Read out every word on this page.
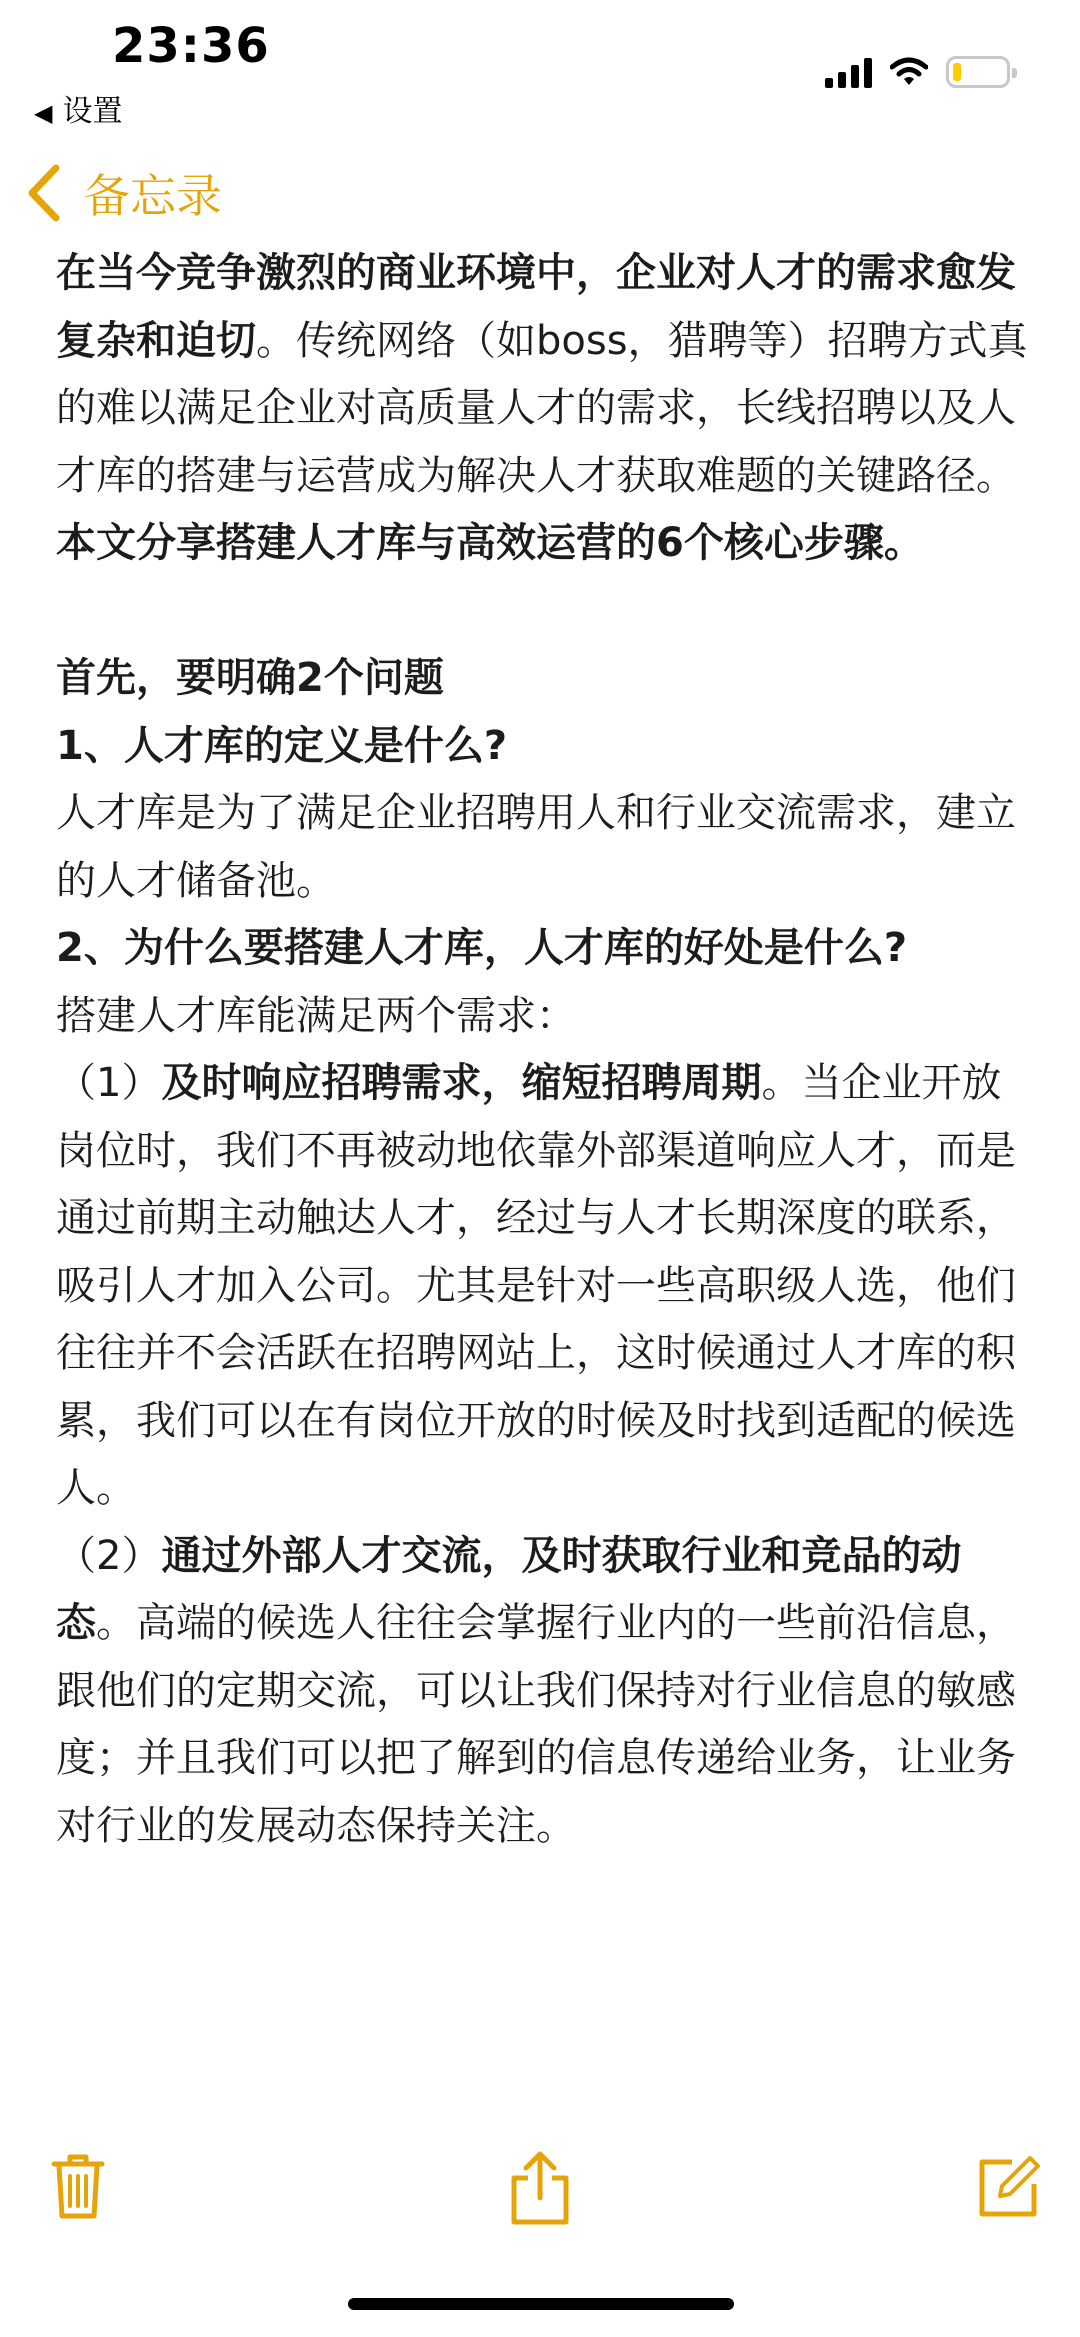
23:36
◀ 设置
备忘录

在当今竞争激烈的商业环境中，企业对人才的需求愈发复杂和迫切。传统网络（如boss，猎聘等）招聘方式真的难以满足企业对高质量人才的需求，长线招聘以及人才库的搭建与运营成为解决人才获取难题的关键路径。

本文分享搭建人才库与高效运营的6个核心步骤。

首先，要明确2个问题

1、人才库的定义是什么?

人才库是为了满足企业招聘用人和行业交流需求，建立的人才储备池。

2、为什么要搭建人才库，人才库的好处是什么?

搭建人才库能满足两个需求：

（1）及时响应招聘需求，缩短招聘周期。当企业开放岗位时，我们不再被动地依靠外部渠道响应人才，而是通过前期主动触达人才，经过与人才长期深度的联系，吸引人才加入公司。尤其是针对一些高职级人选，他们往往并不会活跃在招聘网站上，这时候通过人才库的积累，我们可以在有岗位开放的时候及时找到适配的候选人。

（2）通过外部人才交流，及时获取行业和竞品的动态。高端的候选人往往会掌握行业内的一些前沿信息，跟他们的定期交流，可以让我们保持对行业信息的敏感度；并且我们可以把了解到的信息传递给业务，让业务对行业的发展动态保持关注。
